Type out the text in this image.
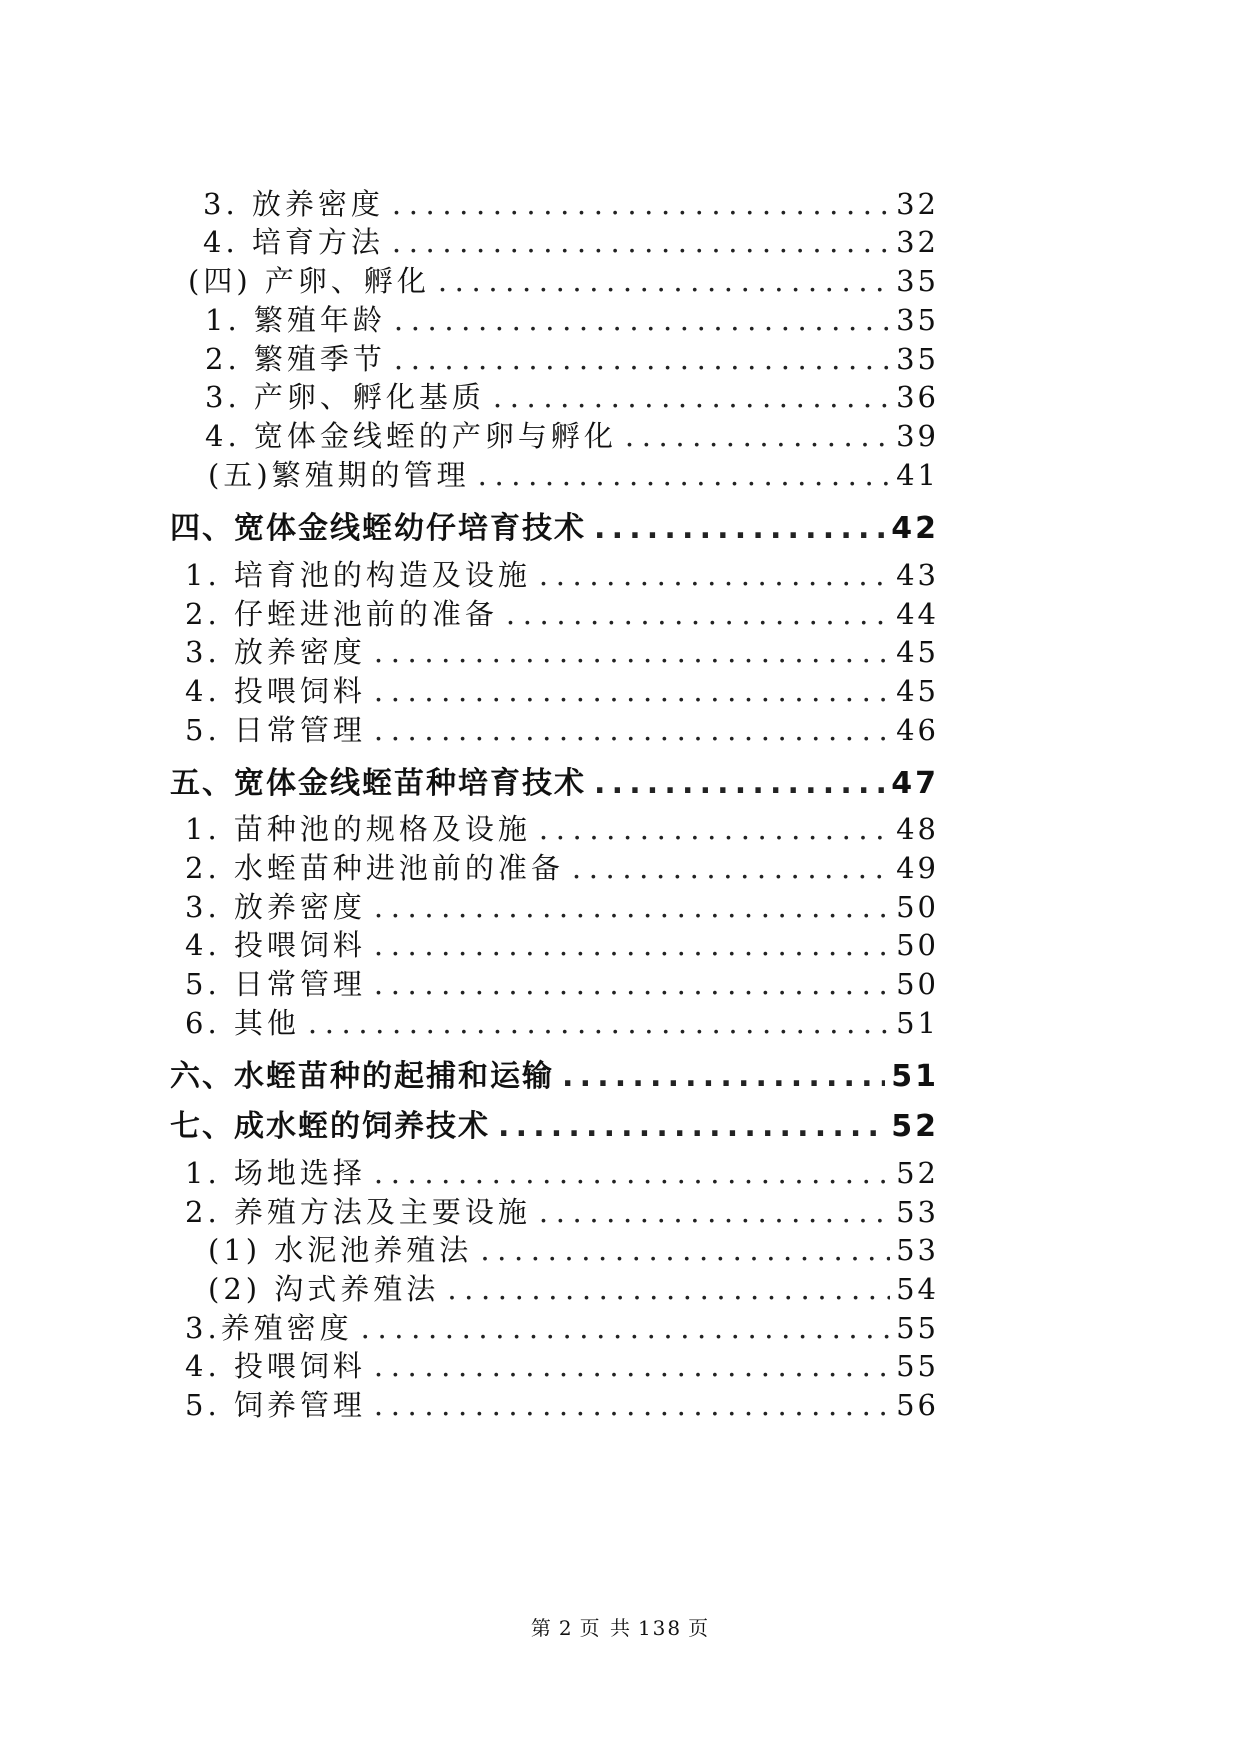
3. 放养密度 .....	32
4. 培育方法 .....	32
(四) 产卵、孵化 .....	35
1. 繁殖年龄 .....	35
2. 繁殖季节 .....	35
3. 产卵、孵化基质 .....	36
4. 宽体金线蛭的产卵与孵化 .....	39
(五)繁殖期的管理 .....	41
四、宽体金线蛭幼仔培育技术 .....	42
1. 培育池的构造及设施 .....	43
2. 仔蛭进池前的准备 .....	44
3. 放养密度 .....	45
4. 投喂饲料 .....	45
5. 日常管理 .....	46
五、宽体金线蛭苗种培育技术 .....	47
1. 苗种池的规格及设施 .....	48
2. 水蛭苗种进池前的准备 .....	49
3. 放养密度 .....	50
4. 投喂饲料 .....	50
5. 日常管理 .....	50
6. 其他 .....	51
六、水蛭苗种的起捕和运输 .....	51
七、成水蛭的饲养技术 .....	52
1. 场地选择 .....	52
2. 养殖方法及主要设施 .....	53
(1) 水泥池养殖法 .....	53
(2) 沟式养殖法 .....	54
3.养殖密度 .....	55
4. 投喂饲料 .....	55
5. 饲养管理 .....	56
第 2 页 共 138 页
